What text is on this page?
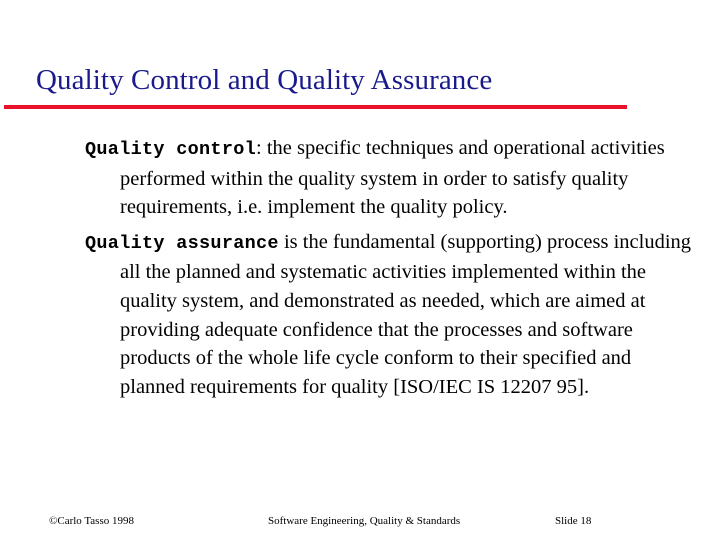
Quality Control and Quality Assurance

Quality control: the specific techniques and operational activities performed within the quality system in order to satisfy quality requirements, i.e. implement the quality policy.

Quality assurance is the fundamental (supporting) process including all the planned and systematic activities implemented within the quality system, and demonstrated as needed, which are aimed at providing adequate confidence that the processes and software products of the whole life cycle conform to their specified and planned requirements for quality [ISO/IEC IS 12207 95].

©Carlo Tasso 1998	Software Engineering, Quality & Standards	Slide 18
